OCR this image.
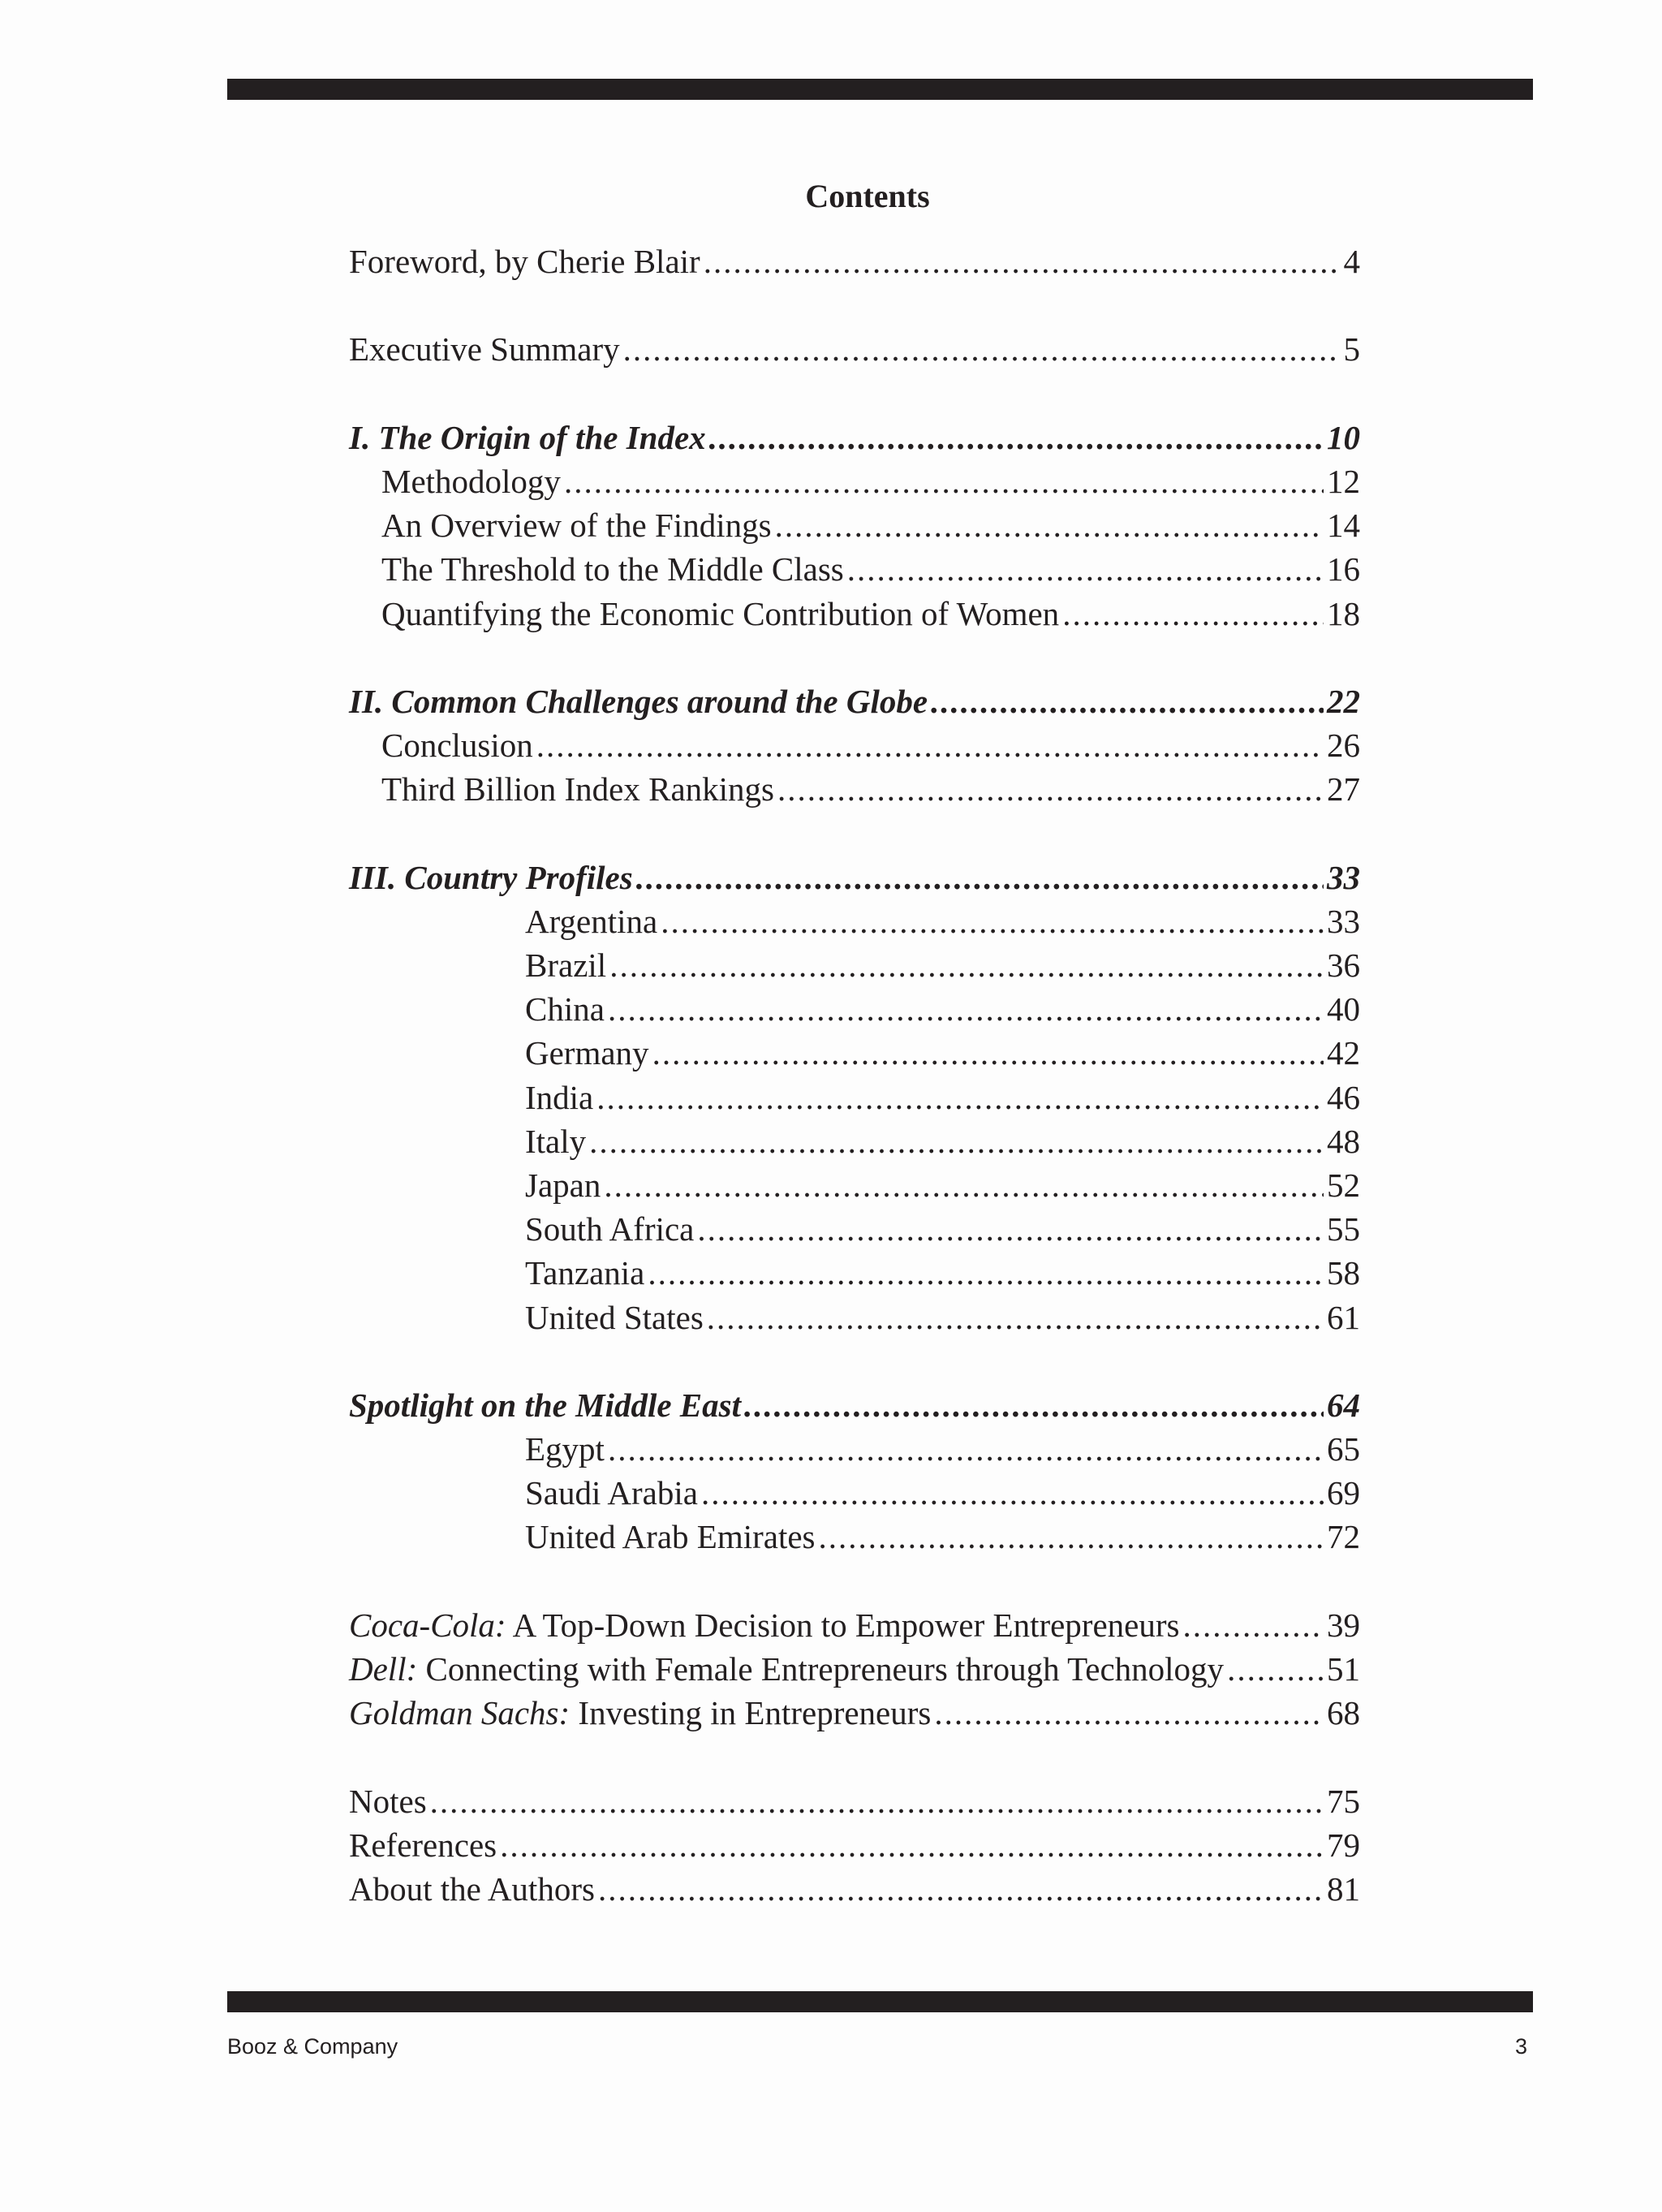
Contents
Foreword, by Cherie Blair .....	4
Executive Summary .....	5
I. The Origin of the Index .....	10
Methodology .....	12
An Overview of the Findings .....	14
The Threshold to the Middle Class .....	16
Quantifying the Economic Contribution of Women .....	18
II. Common Challenges around the Globe .....	22
Conclusion .....	26
Third Billion Index Rankings .....	27
III. Country Profiles .....	33
Argentina .....	33
Brazil .....	36
China .....	40
Germany .....	42
India .....	46
Italy .....	48
Japan .....	52
South Africa .....	55
Tanzania .....	58
United States .....	61
Spotlight on the Middle East .....	64
Egypt .....	65
Saudi Arabia .....	69
United Arab Emirates .....	72
Coca-Cola: A Top-Down Decision to Empower Entrepreneurs .....	39
Dell: Connecting with Female Entrepreneurs through Technology .....	51
Goldman Sachs: Investing in Entrepreneurs .....	68
Notes .....	75
References .....	79
About the Authors .....	81
Booz & Company	3
